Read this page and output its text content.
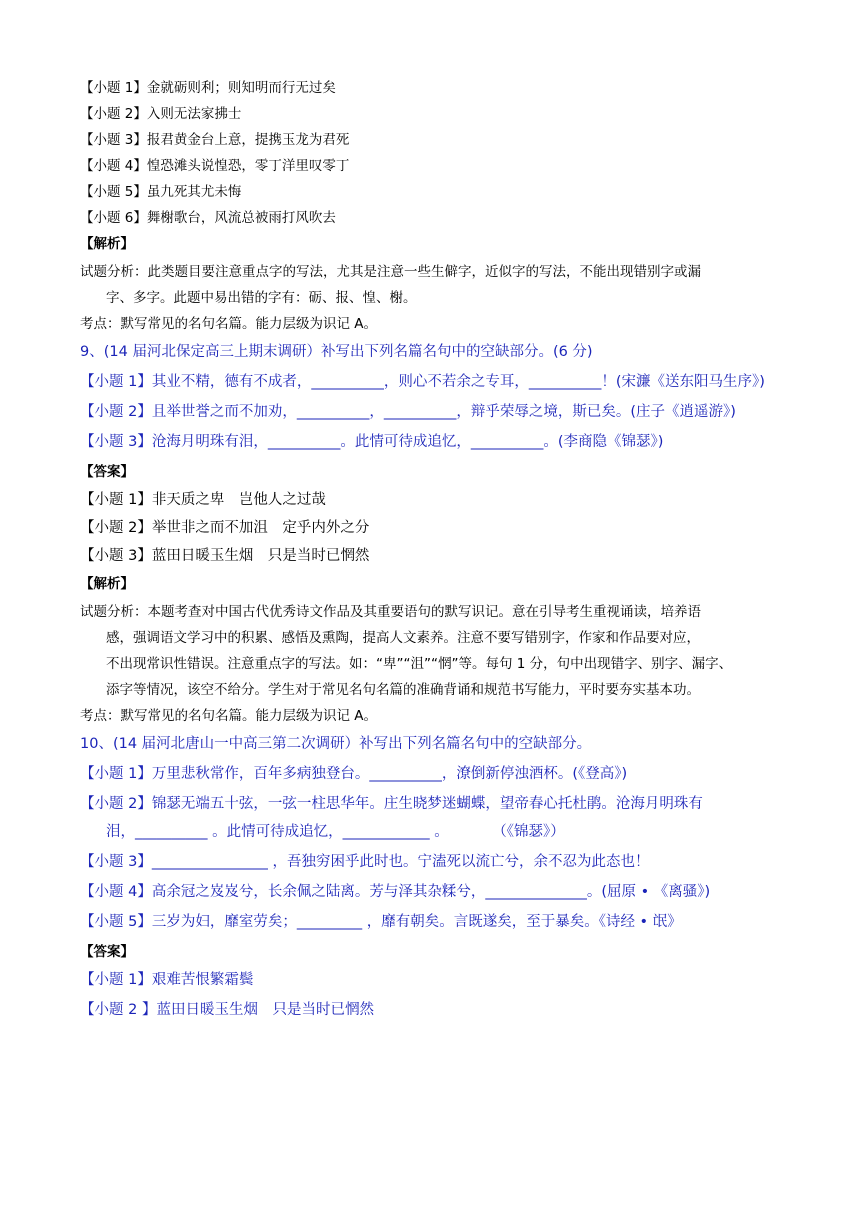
【小题 1】金就砺则利；则知明而行无过矣
【小题 2】入则无法家拂士
【小题 3】报君黄金台上意，提携玉龙为君死
【小题 4】惶恐滩头说惶恐，零丁洋里叹零丁
【小题 5】虽九死其尤未悔
【小题 6】舞榭歌台，风流总被雨打风吹去
【解析】
试题分析：此类题目要注意重点字的写法，尤其是注意一些生僻字，近似字的写法，不能出现错别字或漏
字、多字。此题中易出错的字有：砺、报、惶、榭。
考点：默写常见的名句名篇。能力层级为识记 A。
9、(14 届河北保定高三上期末调研）补写出下列名篇名句中的空缺部分。(6 分)
【小题 1】其业不精，德有不成者，__________，则心不若余之专耳，__________！(宋濂《送东阳马生序》)
【小题 2】且举世誉之而不加劝，__________，__________，辩乎荣辱之境，斯已矣。(庄子《逍遥游》)
【小题 3】沧海月明珠有泪，__________。此情可待成追忆，__________。(李商隐《锦瑟》)
【答案】
【小题 1】非天质之卑　岂他人之过哉
【小题 2】举世非之而不加沮　定乎内外之分
【小题 3】蓝田日暖玉生烟　只是当时已惘然
【解析】
试题分析：本题考查对中国古代优秀诗文作品及其重要语句的默写识记。意在引导考生重视诵读，培养语
感，强调语文学习中的积累、感悟及熏陶，提高人文素养。注意不要写错别字，作家和作品要对应，
不出现常识性错误。注意重点字的写法。如：“卑”“沮”“惘”等。每句 1 分，句中出现错字、别字、漏字、
添字等情况，该空不给分。学生对于常见名句名篇的准确背诵和规范书写能力，平时要夯实基本功。
考点：默写常见的名句名篇。能力层级为识记 A。
10、(14 届河北唐山一中高三第二次调研）补写出下列名篇名句中的空缺部分。
【小题 1】万里悲秋常作，百年多病独登台。__________，潦倒新停浊酒杯。(《登高》)
【小题 2】锦瑟无端五十弦，一弦一柱思华年。庄生晓梦迷蝴蝶，望帝春心托杜鹃。沧海月明珠有
泪，__________ 。此情可待成追忆，____________ 。　　　　（《锦瑟》）
【小题 3】________________ ，吾独穷困乎此时也。宁溘死以流亡兮，余不忍为此态也！
【小题 4】高余冠之岌岌兮，长余佩之陆离。芳与泽其杂糅兮，______________。(屈原 • 《离骚》)
【小题 5】三岁为妇，靡室劳矣；_________ ，靡有朝矣。言既遂矣，至于暴矣。《诗经 • 氓》
【答案】
【小题 1】艰难苦恨繁霜鬓
【小题 2 】蓝田日暖玉生烟　只是当时已惘然
